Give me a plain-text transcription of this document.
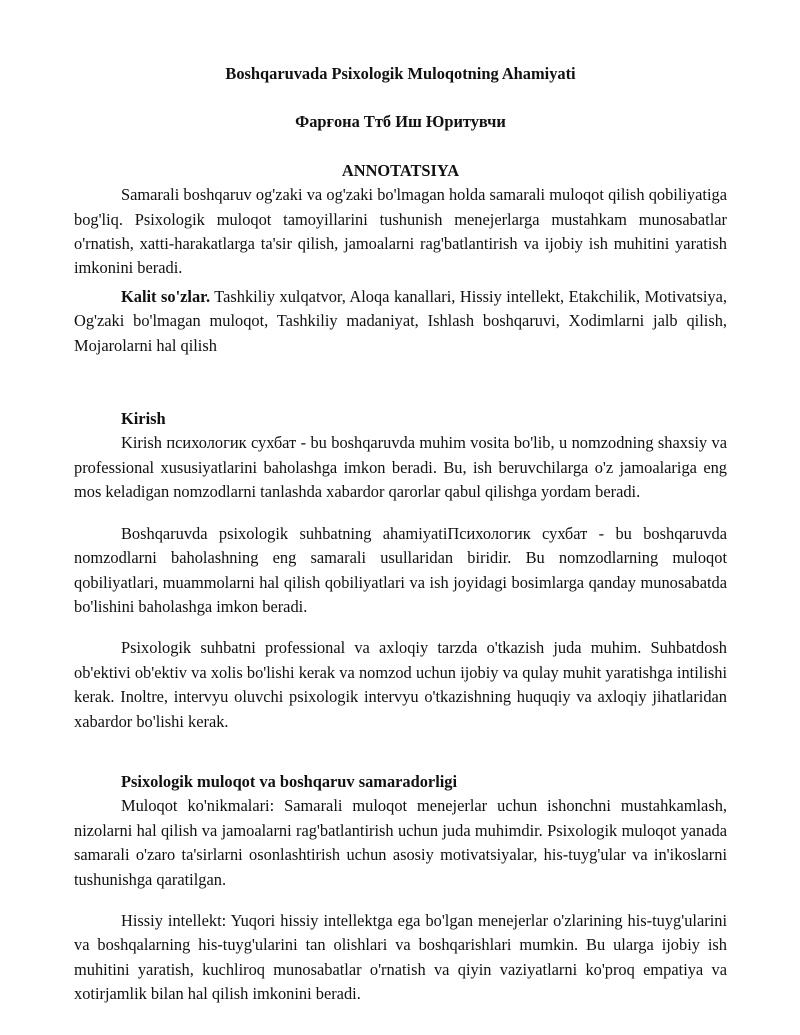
Boshqaruvada Psixologik Muloqotning Ahamiyati
Фарғона Ттб Иш Юритувчи
ANNOTATSIYA

Samarali boshqaruv og'zaki va og'zaki bo'lmagan holda samarali muloqot qilish qobiliyatiga bog'liq. Psixologik muloqot tamoyillarini tushunish menejerlarga mustahkam munosabatlar o'rnatish, xatti-harakatlarga ta'sir qilish, jamoalarni rag'batlantirish va ijobiy ish muhitini yaratish imkonini beradi.

Kalit so'zlar. Tashkiliy xulqatvor, Aloqa kanallari, Hissiy intellekt, Etakchilik, Motivatsiya, Og'zaki bo'lmagan muloqot, Tashkiliy madaniyat, Ishlash boshqaruvi, Xodimlarni jalb qilish, Mojarolarni hal qilish

Kirish

Kirish психологик сухбат - bu boshqaruvda muhim vosita bo'lib, u nomzodning shaxsiy va professional xususiyatlarini baholashga imkon beradi. Bu, ish beruvchilarga o'z jamoalariga eng mos keladigan nomzodlarni tanlashda xabardor qarorlar qabul qilishga yordam beradi.

Boshqaruvda psixologik suhbatning ahamiyatiПсихологик сухбат - bu boshqaruvda nomzodlarni baholashning eng samarali usullaridan biridir. Bu nomzodlarning muloqot qobiliyatlari, muammolarni hal qilish qobiliyatlari va ish joyidagi bosimlarga qanday munosabatda bo'lishini baholashga imkon beradi.

Psixologik suhbatni professional va axloqiy tarzda o'tkazish juda muhim. Suhbatdosh ob'ektivi ob'ektiv va xolis bo'lishi kerak va nomzod uchun ijobiy va qulay muhit yaratishga intilishi kerak. Inoltre, intervyu oluvchi psixologik intervyu o'tkazishning huquqiy va axloqiy jihatlaridan xabardor bo'lishi kerak.

Psixologik muloqot va boshqaruv samaradorligi

Muloqot ko'nikmalari: Samarali muloqot menejerlar uchun ishonchni mustahkamlash, nizolarni hal qilish va jamoalarni rag'batlantirish uchun juda muhimdir. Psixologik muloqot yanada samarali o'zaro ta'sirlarni osonlashtirish uchun asosiy motivatsiyalar, his-tuyg'ular va in'ikoslarni tushunishga qaratilgan.

Hissiy intellekt: Yuqori hissiy intellektga ega bo'lgan menejerlar o'zlarining his-tuyg'ularini va boshqalarning his-tuyg'ularini tan olishlari va boshqarishlari mumkin. Bu ularga ijobiy ish muhitini yaratish, kuchliroq munosabatlar o'rnatish va qiyin vaziyatlarni ko'proq empatiya va xotirjamlik bilan hal qilish imkonini beradi.
